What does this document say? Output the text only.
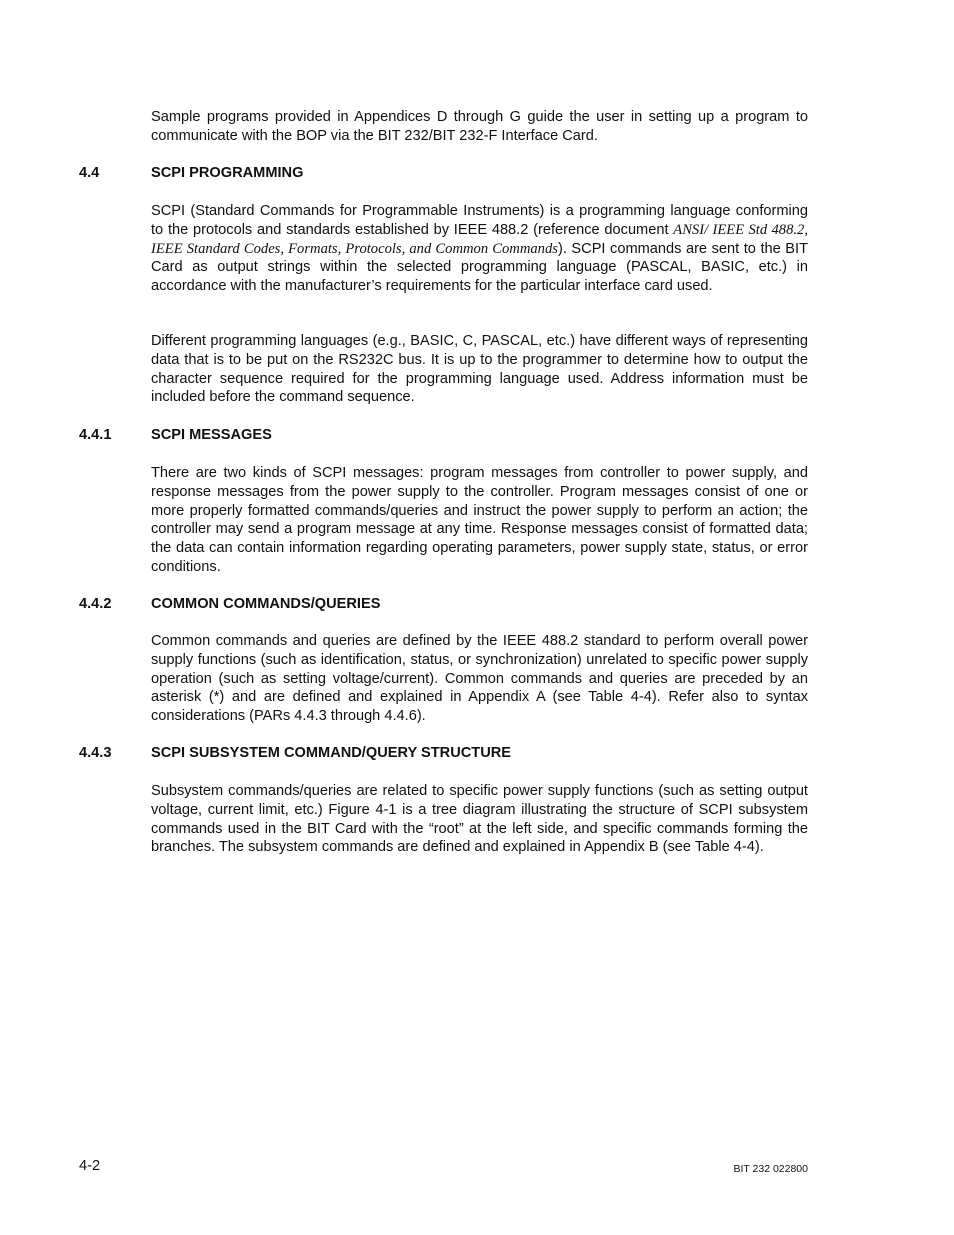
Sample programs provided in Appendices D through G guide the user in setting up a program to communicate with the BOP via the BIT 232/BIT 232-F Interface Card.

4.4	SCPI PROGRAMMING

SCPI (Standard Commands for Programmable Instruments) is a programming language conforming to the protocols and standards established by IEEE 488.2 (reference document ANSI/ IEEE Std 488.2, IEEE Standard Codes, Formats, Protocols, and Common Commands). SCPI commands are sent to the BIT Card as output strings within the selected programming language (PASCAL, BASIC, etc.) in accordance with the manufacturer’s requirements for the particular interface card used.

Different programming languages (e.g., BASIC, C, PASCAL, etc.) have different ways of representing data that is to be put on the RS232C bus. It is up to the programmer to determine how to output the character sequence required for the programming language used. Address information must be included before the command sequence.

4.4.1	SCPI MESSAGES

There are two kinds of SCPI messages: program messages from controller to power supply, and response messages from the power supply to the controller. Program messages consist of one or more properly formatted commands/queries and instruct the power supply to perform an action; the controller may send a program message at any time. Response messages consist of formatted data; the data can contain information regarding operating parameters, power supply state, status, or error conditions.

4.4.2	COMMON COMMANDS/QUERIES

Common commands and queries are defined by the IEEE 488.2 standard to perform overall power supply functions (such as identification, status, or synchronization) unrelated to specific power supply operation (such as setting voltage/current). Common commands and queries are preceded by an asterisk (*) and are defined and explained in Appendix A (see Table 4-4). Refer also to syntax considerations (PARs 4.4.3 through 4.4.6).

4.4.3	SCPI SUBSYSTEM COMMAND/QUERY STRUCTURE

Subsystem commands/queries are related to specific power supply functions (such as setting output voltage, current limit, etc.) Figure 4-1 is a tree diagram illustrating the structure of SCPI subsystem commands used in the BIT Card with the “root” at the left side, and specific commands forming the branches. The subsystem commands are defined and explained in Appendix B (see Table 4-4).

4-2	BIT 232 022800
